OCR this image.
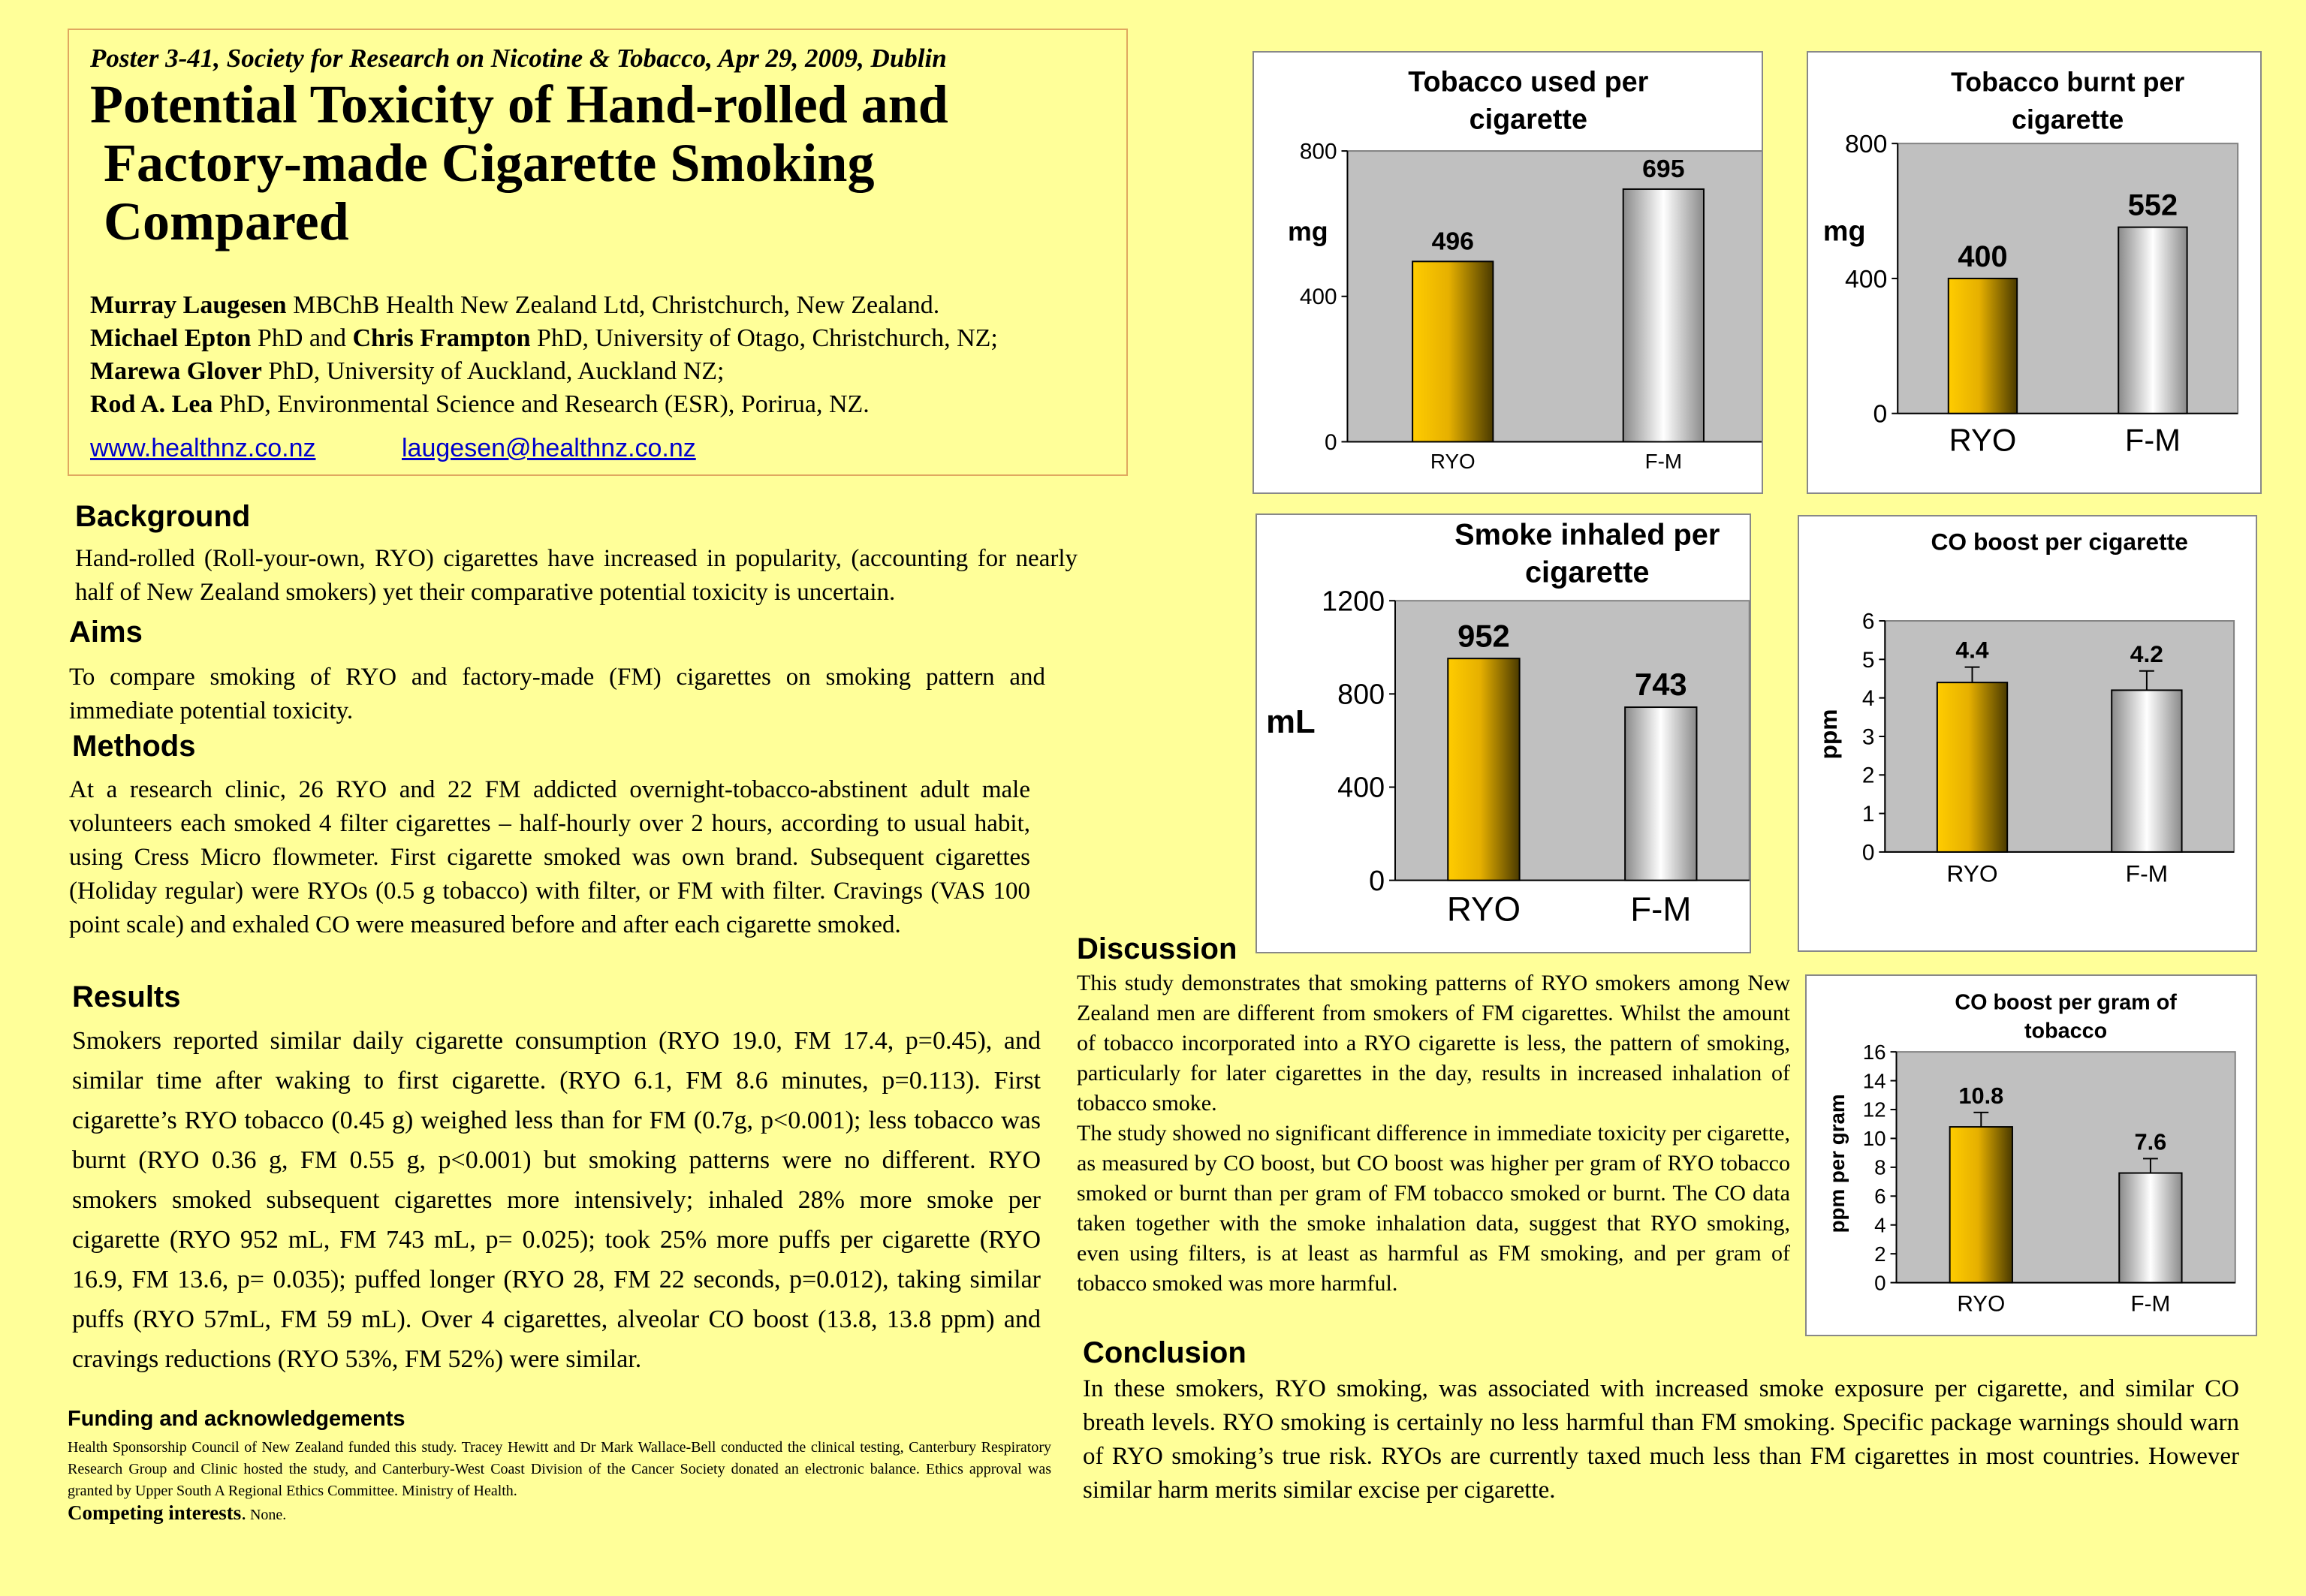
Poster 3-41, Society for Research on Nicotine & Tobacco, Apr 29, 2009, Dublin
Potential Toxicity of Hand-rolled and
Factory-made Cigarette Smoking
Compared
Murray Laugesen MBChB Health New Zealand Ltd, Christchurch, New Zealand.
Michael Epton PhD and Chris Frampton PhD, University of Otago, Christchurch, NZ;
Marewa Glover PhD, University of Auckland, Auckland NZ;
Rod A. Lea PhD, Environmental Science and Research (ESR), Porirua, NZ.
www.healthnz.co.nz	laugesen@healthnz.co.nz
Background
Hand-rolled (Roll-your-own, RYO) cigarettes have increased in popularity, (accounting for nearly half of New Zealand smokers) yet their comparative potential toxicity is uncertain.
Aims
To compare smoking of RYO and factory-made (FM) cigarettes on smoking pattern and immediate potential toxicity.
Methods
At a research clinic, 26 RYO and 22 FM addicted overnight-tobacco-abstinent adult male volunteers each smoked 4 filter cigarettes – half-hourly over 2 hours, according to usual habit, using Cress Micro flowmeter. First cigarette smoked was own brand. Subsequent cigarettes (Holiday regular) were RYOs (0.5 g tobacco) with filter, or FM with filter. Cravings (VAS 100 point scale) and exhaled CO were measured before and after each cigarette smoked.
Results
Smokers reported similar daily cigarette consumption (RYO 19.0, FM 17.4, p=0.45), and similar time after waking to first cigarette. (RYO 6.1, FM 8.6 minutes, p=0.113). First cigarette’s RYO tobacco (0.45 g) weighed less than for FM (0.7g, p<0.001); less tobacco was burnt (RYO 0.36 g, FM 0.55 g, p<0.001) but smoking patterns were no different. RYO smokers smoked subsequent cigarettes more intensively; inhaled 28% more smoke per cigarette (RYO 952 mL, FM 743 mL, p= 0.025); took 25% more puffs per cigarette (RYO 16.9, FM 13.6, p= 0.035); puffed longer (RYO 28, FM 22 seconds, p=0.012), taking similar puffs (RYO 57mL, FM 59 mL). Over 4 cigarettes, alveolar CO boost (13.8, 13.8 ppm) and cravings reductions (RYO 53%, FM 52%) were similar.
Funding and acknowledgements
Health Sponsorship Council of New Zealand funded this study. Tracey Hewitt and Dr Mark Wallace-Bell conducted the clinical testing, Canterbury Respiratory Research Group and Clinic hosted the study, and Canterbury-West Coast Division of the Cancer Society donated an electronic balance. Ethics approval was granted by Upper South A Regional Ethics Committee. Ministry of Health.
Competing interests. None.
Discussion
This study demonstrates that smoking patterns of RYO smokers among New Zealand men are different from smokers of FM cigarettes. Whilst the amount of tobacco incorporated into a RYO cigarette is less, the pattern of smoking, particularly for later cigarettes in the day, results in increased inhalation of tobacco smoke.
The study showed no significant difference in immediate toxicity per cigarette, as measured by CO boost, but CO boost was higher per gram of RYO tobacco smoked or burnt than per gram of FM tobacco smoked or burnt. The CO data taken together with the smoke inhalation data, suggest that RYO smoking, even using filters, is at least as harmful as FM smoking, and per gram of tobacco smoked was more harmful.
Conclusion
In these smokers, RYO smoking, was associated with increased smoke exposure per cigarette, and similar CO breath levels. RYO smoking is certainly no less harmful than FM smoking. Specific package warnings should warn of RYO smoking’s true risk. RYOs are currently taxed much less than FM cigarettes in most countries. However similar harm merits similar excise per cigarette.
Tobacco used per
cigarette
0
400
800
mg	496
RYO
695
F-M
Tobacco burnt per
cigarette
0
400
800
mg
400
RYO
552
F-M
Smoke inhaled per
cigarette
0
400
800
1200
mL
952
RYO
743
F-M
CO boost per cigarette
0
1
2
3
4
5
6
ppm
4.4
RYO
4.2
F-M
CO boost per gram of
tobacco
0
2
4
6
8
10
12
14
16
ppm per gram	10.8
RYO
7.6
F-M
